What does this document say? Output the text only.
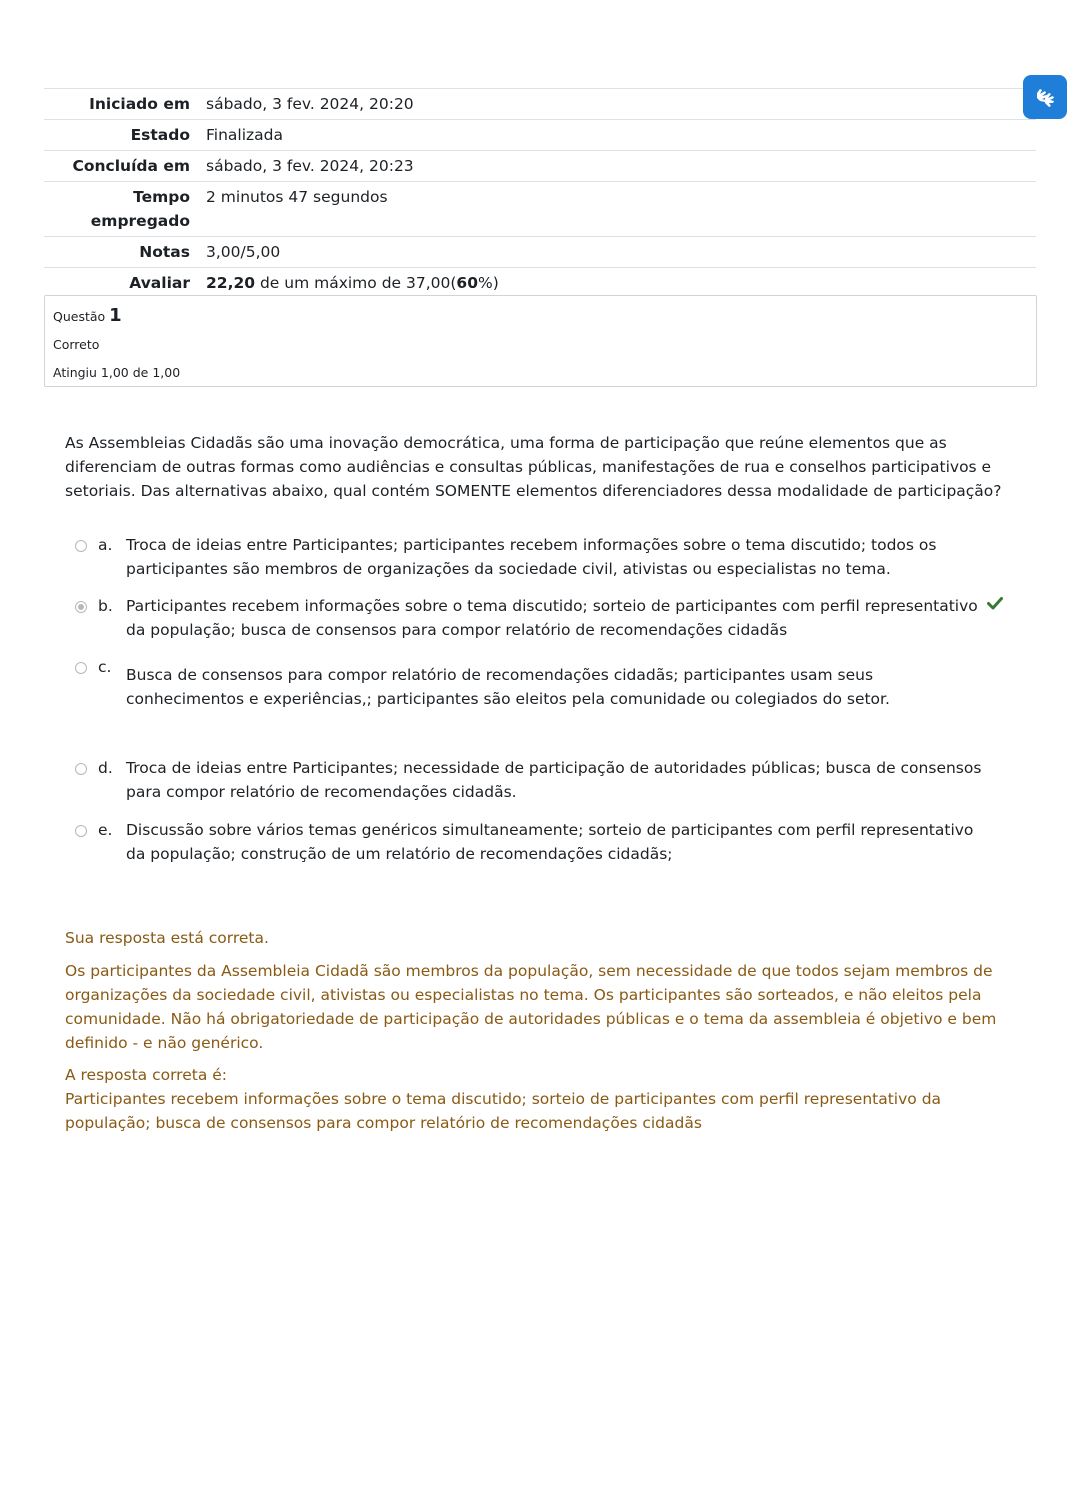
Iniciado em	sábado, 3 fev. 2024, 20:20
Estado	Finalizada
Concluída em	sábado, 3 fev. 2024, 20:23
Tempo
empregado	2 minutos 47 segundos
Notas	3,00/5,00
Avaliar	22,20 de um máximo de 37,00(60%)
Questão 1
Correto
Atingiu 1,00 de 1,00
As Assembleias Cidadãs são uma inovação democrática, uma forma de participação que reúne elementos que as diferenciam de outras formas como audiências e consultas públicas, manifestações de rua e conselhos participativos e setoriais. Das alternativas abaixo, qual contém SOMENTE elementos diferenciadores dessa modalidade de participação?
a. Troca de ideias entre Participantes; participantes recebem informações sobre o tema discutido; todos os participantes são membros de organizações da sociedade civil, ativistas ou especialistas no tema.
b. Participantes recebem informações sobre o tema discutido; sorteio de participantes com perfil representativo da população; busca de consensos para compor relatório de recomendações cidadãs
c. Busca de consensos para compor relatório de recomendações cidadãs; participantes usam seus conhecimentos e experiências,; participantes são eleitos pela comunidade ou colegiados do setor.
d. Troca de ideias entre Participantes; necessidade de participação de autoridades públicas; busca de consensos para compor relatório de recomendações cidadãs.
e. Discussão sobre vários temas genéricos simultaneamente; sorteio de participantes com perfil representativo da população; construção de um relatório de recomendações cidadãs;

Sua resposta está correta.

Os participantes da Assembleia Cidadã são membros da população, sem necessidade de que todos sejam membros de organizações da sociedade civil, ativistas ou especialistas no tema. Os participantes são sorteados, e não eleitos pela comunidade. Não há obrigatoriedade de participação de autoridades públicas e o tema da assembleia é objetivo e bem definido - e não genérico.

A resposta correta é:

Participantes recebem informações sobre o tema discutido; sorteio de participantes com perfil representativo da população; busca de consensos para compor relatório de recomendações cidadãs
